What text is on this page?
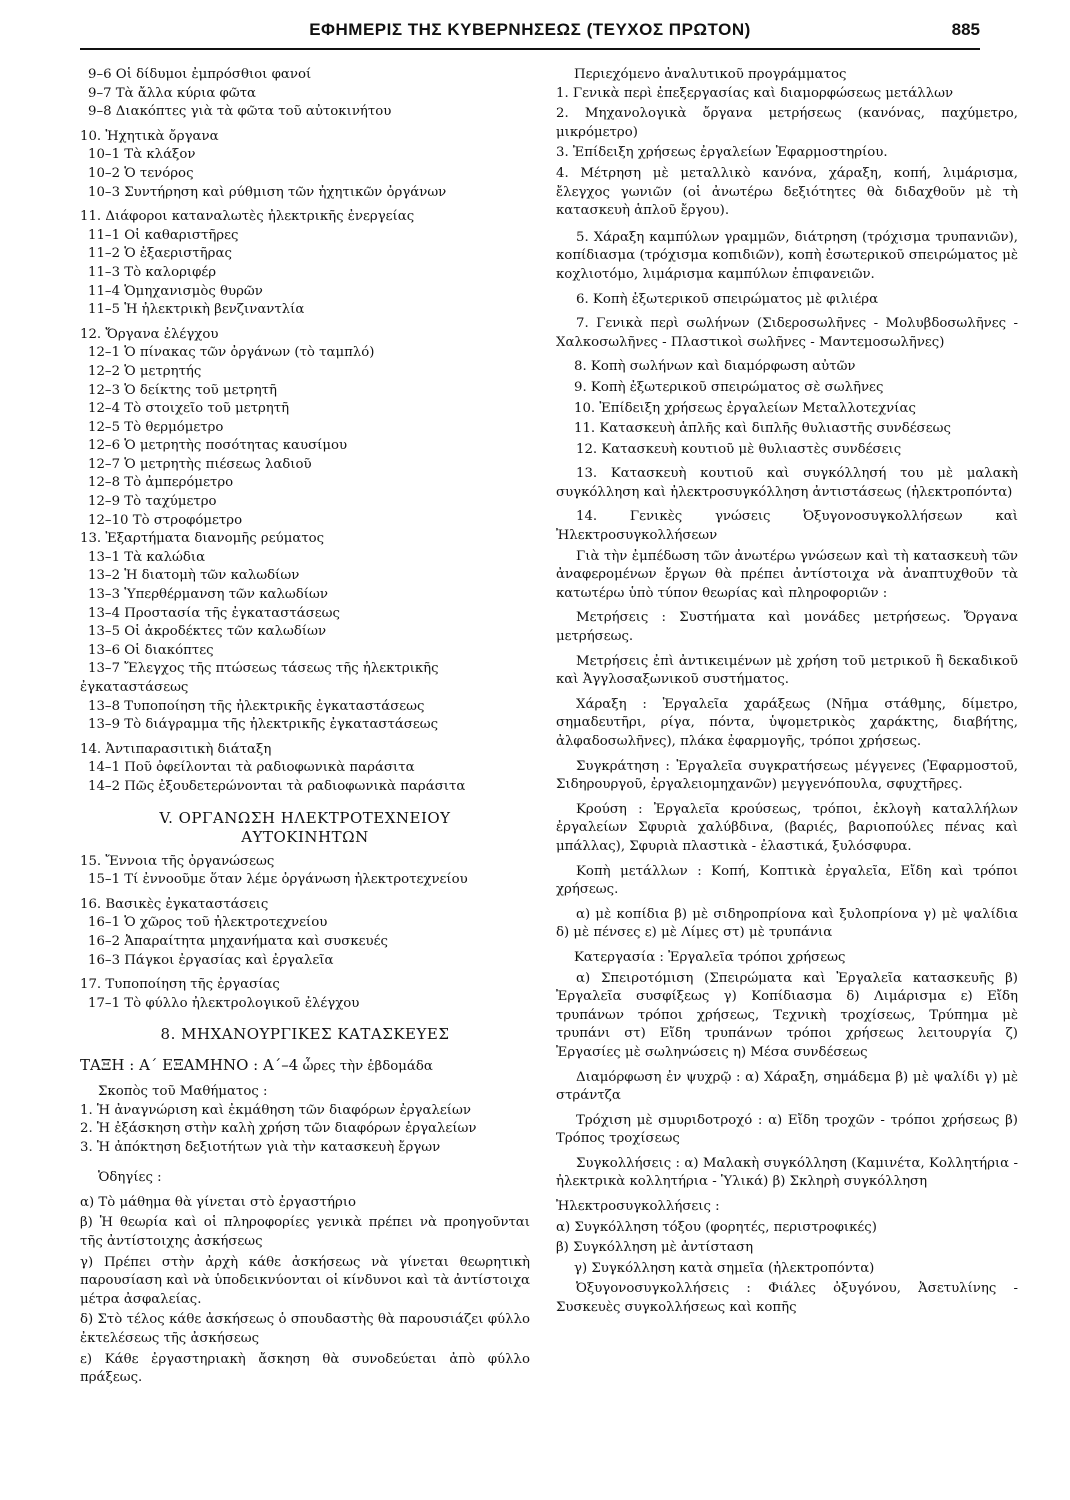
ΕΦΗΜΕΡΙΣ ΤΗΣ ΚΥΒΕΡΝΗΣΕΩΣ (ΤΕΥΧΟΣ ΠΡΩΤΟΝ)	885
9–6 Οἱ δίδυμοι ἐμπρόσθιοι φανοί
9–7 Τὰ ἄλλα κύρια φῶτα
9–8 Διακόπτες γιὰ τὰ φῶτα τοῦ αὐτοκινήτου
10. Ἠχητικὰ ὄργανα
10–1 Τὰ κλάξον
10–2 Ὁ τενόρος
10–3 Συντήρηση καὶ ρύθμιση τῶν ἠχητικῶν ὀργάνων
11. Διάφοροι καταναλωτὲς ἠλεκτρικῆς ἐνεργείας
11–1 Οἱ καθαριστῆρες
11–2 Ὁ ἐξαεριστῆρας
11–3 Τὸ καλοριφέρ
11–4 Ὁμηχανισμὸς θυρῶν
11–5 Ἡ ἠλεκτρικὴ βενζιναντλία
12. Ὄργανα ἐλέγχου
12–1 Ὁ πίνακας τῶν ὀργάνων (τὸ ταμπλό)
12–2 Ὁ μετρητής
12–3 Ὁ δείκτης τοῦ μετρητῆ
12–4 Τὸ στοιχεῖο τοῦ μετρητῆ
12–5 Τὸ θερμόμετρο
12–6 Ὁ μετρητὴς ποσότητας καυσίμου
12–7 Ὁ μετρητὴς πιέσεως λαδιοῦ
12–8 Τὸ ἀμπερόμετρο
12–9 Τὸ ταχύμετρο
12–10 Τὸ στροφόμετρο
13. Ἐξαρτήματα διανομῆς ρεύματος
13–1 Τὰ καλώδια
13–2 Ἡ διατομὴ τῶν καλωδίων
13–3 Ὑπερθέρμανση τῶν καλωδίων
13–4 Προστασία τῆς ἐγκαταστάσεως
13–5 Οἱ ἀκροδέκτες τῶν καλωδίων
13–6 Οἱ διακόπτες
13–7 Ἔλεγχος τῆς πτώσεως τάσεως τῆς ἠλεκτρικῆς
ἐγκαταστάσεως
13–8 Τυποποίηση τῆς ἠλεκτρικῆς ἐγκαταστάσεως
13–9 Τὸ διάγραμμα τῆς ἠλεκτρικῆς ἐγκαταστάσεως
14. Ἀντιπαρασιτικὴ διάταξη
14–1 Ποῦ ὀφείλονται τὰ ραδιοφωνικὰ παράσιτα
14–2 Πῶς ἐξουδετερώνονται τὰ ραδιοφωνικὰ παράσιτα
V. ΟΡΓΑΝΩΣΗ ΗΛΕΚΤΡΟΤΕΧΝΕΙΟΥ
ΑΥΤΟΚΙΝΗΤΩΝ
15. Ἔννοια τῆς ὀργανώσεως
15–1 Τί ἐννοοῦμε ὅταν λέμε ὀργάνωση ἠλεκτροτεχνείου
16. Βασικὲς ἐγκαταστάσεις
16–1 Ὁ χῶρος τοῦ ἠλεκτροτεχνείου
16–2 Ἀπαραίτητα μηχανήματα καὶ συσκευές
16–3 Πάγκοι ἐργασίας καὶ ἐργαλεῖα
17. Τυποποίηση τῆς ἐργασίας
17–1 Τὸ φύλλο ἠλεκτρολογικοῦ ἐλέγχου
8. ΜΗΧΑΝΟΥΡΓΙΚΕΣ ΚΑΤΑΣΚΕΥΕΣ
ΤΑΞΗ : Α΄ ΕΞΑΜΗΝΟ : Α΄–4 ὧρες τὴν ἑβδομάδα
Σκοπὸς τοῦ Μαθήματος :
1. Ἡ ἀναγνώριση καὶ ἐκμάθηση τῶν διαφόρων ἐργαλείων
2. Ἡ ἐξάσκηση στὴν καλὴ χρήση τῶν διαφόρων ἐργαλείων
3. Ἡ ἀπόκτηση δεξιοτήτων γιὰ τὴν κατασκευὴ ἔργων
Ὁδηγίες :
α) Τὸ μάθημα θὰ γίνεται στὸ ἐργαστήριο
β) Ἡ θεωρία καὶ οἱ πληροφορίες γενικὰ πρέπει νὰ προηγοῦνται τῆς ἀντίστοιχης ἀσκήσεως
γ) Πρέπει στὴν ἀρχὴ κάθε ἀσκήσεως νὰ γίνεται θεωρητικὴ παρουσίαση καὶ νὰ ὑποδεικνύονται οἱ κίνδυνοι καὶ τὰ ἀντίστοιχα μέτρα ἀσφαλείας.
δ) Στὸ τέλος κάθε ἀσκήσεως ὁ σπουδαστὴς θὰ παρουσιάζει φύλλο ἐκτελέσεως τῆς ἀσκήσεως
ε) Κάθε ἐργαστηριακὴ ἄσκηση θὰ συνοδεύεται ἀπὸ φύλλο πράξεως.
Περιεχόμενο ἀναλυτικοῦ προγράμματος
1. Γενικὰ περὶ ἐπεξεργασίας καὶ διαμορφώσεως μετάλλων
2. Μηχανολογικὰ ὄργανα μετρήσεως (κανόνας, παχύμετρο, μικρόμετρο)
3. Ἐπίδειξη χρήσεως ἐργαλείων Ἐφαρμοστηρίου.
4. Μέτρηση μὲ μεταλλικὸ κανόνα, χάραξη, κοπή, λιμάρισμα, ἔλεγχος γωνιῶν (οἱ ἀνωτέρω δεξιότητες θὰ διδαχθοῦν μὲ τὴ κατασκευὴ ἁπλοῦ ἔργου).
5. Χάραξη καμπύλων γραμμῶν, διάτρηση (τρόχισμα τρυπανιῶν), κοπίδιασμα (τρόχισμα κοπιδιῶν), κοπὴ ἐσωτερικοῦ σπειρώματος μὲ κοχλιοτόμο, λιμάρισμα καμπύλων ἐπιφανειῶν.
6. Κοπὴ ἐξωτερικοῦ σπειρώματος μὲ φιλιέρα
7. Γενικὰ περὶ σωλήνων (Σιδεροσωλῆνες - Μολυβδοσωλῆνες - Χαλκοσωλῆνες - Πλαστικοὶ σωλῆνες - Μαντεμοσωλῆνες)
8. Κοπὴ σωλήνων καὶ διαμόρφωση αὐτῶν
9. Κοπὴ ἐξωτερικοῦ σπειρώματος σὲ σωλῆνες
10. Ἐπίδειξη χρήσεως ἐργαλείων Μεταλλοτεχνίας
11. Κατασκευὴ ἁπλῆς καὶ διπλῆς θυλιαστῆς συνδέσεως
12. Κατασκευὴ κουτιοῦ μὲ θυλιαστὲς συνδέσεις
13. Κατασκευὴ κουτιοῦ καὶ συγκόλλησή του μὲ μαλακὴ συγκόλληση καὶ ἠλεκτροσυγκόλληση ἀντιστάσεως (ἠλεκτροπόντα)
14. Γενικὲς γνώσεις Ὀξυγονοσυγκολλήσεων καὶ Ἠλεκτροσυγκολλήσεων
Γιὰ τὴν ἐμπέδωση τῶν ἀνωτέρω γνώσεων καὶ τὴ κατασκευὴ τῶν ἀναφερομένων ἔργων θὰ πρέπει ἀντίστοιχα νὰ ἀναπτυχθοῦν τὰ κατωτέρω ὑπὸ τύπον θεωρίας καὶ πληροφοριῶν :
Μετρήσεις : Συστήματα καὶ μονάδες μετρήσεως. Ὄργανα μετρήσεως.
Μετρήσεις ἐπὶ ἀντικειμένων μὲ χρήση τοῦ μετρικοῦ ἢ δεκαδικοῦ καὶ Ἀγγλοσαξωνικοῦ συστήματος.
Χάραξη : Ἐργαλεῖα χαράξεως (Νῆμα στάθμης, δίμετρο, σημαδευτῆρι, ρίγα, πόντα, ὑψομετρικὸς χαράκτης, διαβήτης, ἀλφαδοσωλῆνες), πλάκα ἐφαρμογῆς, τρόποι χρήσεως.
Συγκράτηση : Ἐργαλεῖα συγκρατήσεως μέγγενες (Ἐφαρμοστοῦ, Σιδηρουργοῦ, ἐργαλειομηχανῶν) μεγγενόπουλα, σφυχτῆρες.
Κρούση : Ἐργαλεῖα κρούσεως, τρόποι, ἐκλογὴ καταλλήλων ἐργαλείων Σφυριὰ χαλύβδινα, (βαριές, βαριοπούλες πένας καὶ μπάλλας), Σφυριὰ πλαστικὰ - ἐλαστικά, ξυλόσφυρα.
Κοπὴ μετάλλων : Κοπή, Κοπτικὰ ἐργαλεῖα, Εἴδη καὶ τρόποι χρήσεως.
α) μὲ κοπίδια β) μὲ σιδηροπρίονα καὶ ξυλοπρίονα γ) μὲ ψαλίδια δ) μὲ πένσες ε) μὲ Λίμες στ) μὲ τρυπάνια
Κατεργασία : Ἐργαλεῖα τρόποι χρήσεως
α) Σπειροτόμιση (Σπειρώματα καὶ Ἐργαλεῖα κατασκευῆς β) Ἐργαλεῖα συσφίξεως γ) Κοπίδιασμα δ) Λιμάρισμα ε) Εἴδη τρυπάνων τρόποι χρήσεως, Τεχνικὴ τροχίσεως, Τρύπημα μὲ τρυπάνι στ) Εἴδη τρυπάνων τρόποι χρήσεως λειτουργία ζ) Ἐργασίες μὲ σωληνώσεις η) Μέσα συνδέσεως
Διαμόρφωση ἐν ψυχρῷ : α) Χάραξη, σημάδεμα β) μὲ ψαλίδι γ) μὲ στράντζα
Τρόχιση μὲ σμυριδοτροχό : α) Εἴδη τροχῶν - τρόποι χρήσεως β) Τρόπος τροχίσεως
Συγκολλήσεις : α) Μαλακὴ συγκόλληση (Καμινέτα, Κολλητήρια - ἠλεκτρικὰ κολλητήρια - Ὑλικά) β) Σκληρὴ συγκόλληση
Ἠλεκτροσυγκολλήσεις :
α) Συγκόλληση τόξου (φορητές, περιστροφικές)
β) Συγκόλληση μὲ ἀντίσταση
γ) Συγκόλληση κατὰ σημεῖα (ἠλεκτροπόντα)
Ὀξυγονοσυγκολλήσεις : Φιάλες ὀξυγόνου, Ἀσετυλίνης - Συσκευὲς συγκολλήσεως καὶ κοπῆς
